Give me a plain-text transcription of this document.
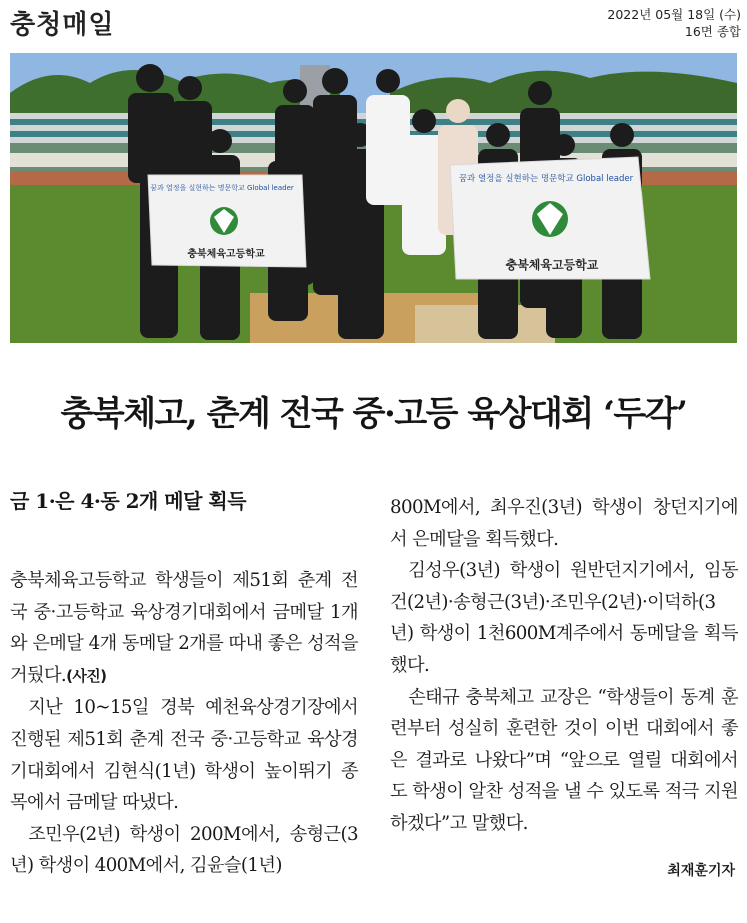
충청매일	2022년 05월 18일 (수)
16면 종합
꿈과 열정을 실현하는 명문학교 Global leader
충북체육고등학교
꿈과 열정을 실현하는 명문학교 Global leader
충북체육고등학교
충북체고, 춘계 전국 중·고등 육상대회 ‘두각’
금 1·은 4·동 2개 메달 획득

충북체육고등학교 학생들이 제51회 춘계 전국 중·고등학교 육상경기대회에서 금메달 1개와 은메달 4개 동메달 2개를 따내 좋은 성적을 거뒀다.(사진)

지난 10~15일 경북 예천육상경기장에서 진행된 제51회 춘계 전국 중·고등학교 육상경기대회에서 김현식(1년) 학생이 높이뛰기 종목에서 금메달 따냈다.

조민우(2년) 학생이 200M에서, 송형근(3년) 학생이 400M에서, 김윤슬(1년)

800M에서, 최우진(3년) 학생이 창던지기에서 은메달을 획득했다.

김성우(3년) 학생이 원반던지기에서, 임동건(2년)·송형근(3년)·조민우(2년)·이덕하(3년) 학생이 1천600M계주에서 동메달을 획득했다.

손태규 충북체고 교장은 “학생들이 동계 훈련부터 성실히 훈련한 것이 이번 대회에서 좋은 결과로 나왔다”며 “앞으로 열릴 대회에서도 학생이 알찬 성적을 낼 수 있도록 적극 지원하겠다”고 말했다.

최재훈기자
